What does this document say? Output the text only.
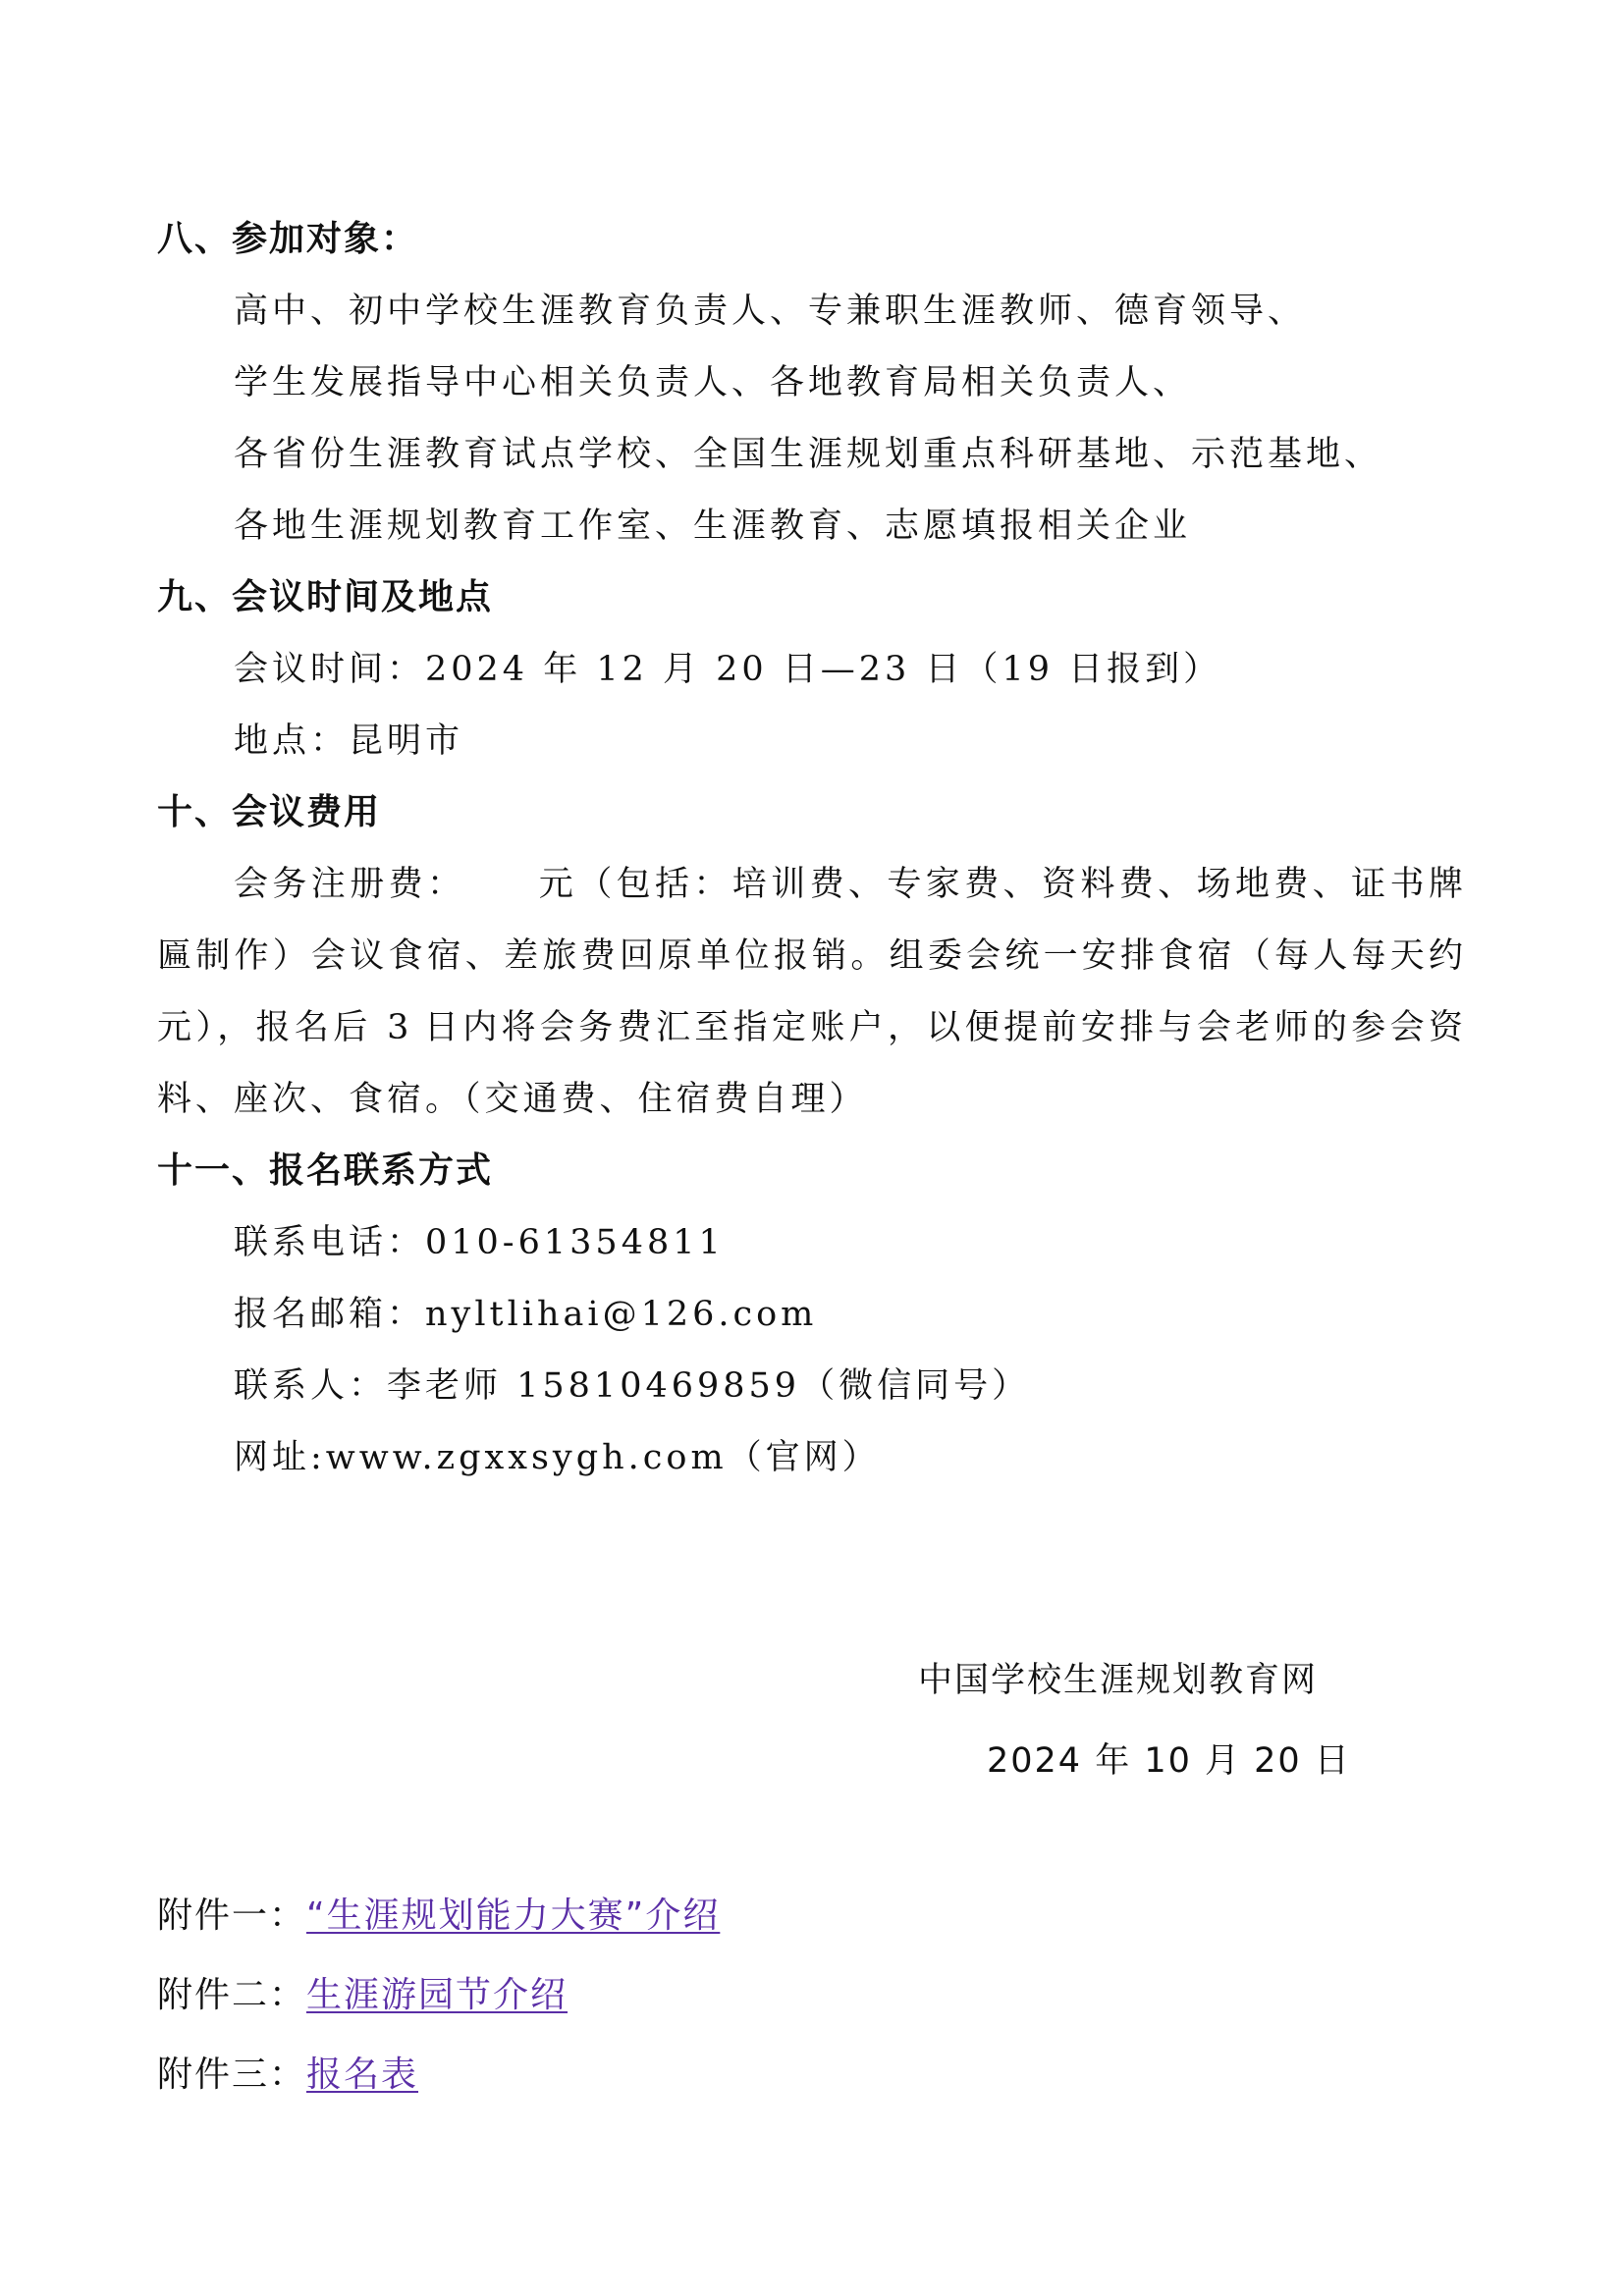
八、参加对象：
高中、初中学校生涯教育负责人、专兼职生涯教师、德育领导、
学生发展指导中心相关负责人、各地教育局相关负责人、
各省份生涯教育试点学校、全国生涯规划重点科研基地、示范基地、
各地生涯规划教育工作室、生涯教育、志愿填报相关企业
九、会议时间及地点
会议时间：2024 年 12 月 20 日—23 日（19 日报到）
地点：昆明市
十、会议费用
会务注册费： 元（包括：培训费、专家费、资料费、场地费、证书牌
匾制作）会议食宿、差旅费回原单位报销。组委会统一安排食宿（每人每天约
元），报名后 3 日内将会务费汇至指定账户，以便提前安排与会老师的参会资
料、座次、食宿。（交通费、住宿费自理）
十一、报名联系方式
联系电话：010-61354811
报名邮箱：nyltlihai@126.com
联系人：李老师 15810469859（微信同号）
网址:www.zgxxsygh.com（官网）
中国学校生涯规划教育网
2024 年 10 月 20 日
附件一：“生涯规划能力大赛”介绍
附件二：生涯游园节介绍
附件三：报名表
